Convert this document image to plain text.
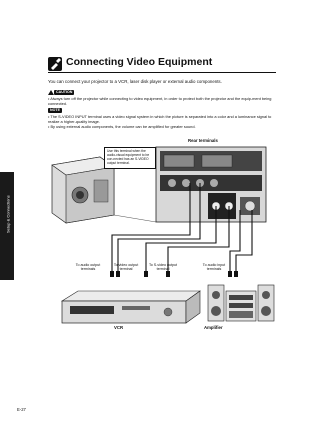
Setup & Connections
Connecting Video Equipment
You can connect your projector to a VCR, laser disk player or external audio components.
CAUTION
• Always turn off the projector while connecting to video equipment, in order to protect both the projector and the equip-ment being connected.
NOTE
• The S-VIDEO INPUT terminal uses a video signal system in which the picture is separated into a color and a luminance signal to realize a higher-quality image.
• By using external audio components, the volume can be amplified for greater sound.
Use this terminal when the audio-visual equipment to be con-nected has an S-VIDEO output terminal.
Rear terminals
To audio output terminals
To video output terminal
To S-video output terminal
To audio input terminals
VCR	Amplifier
E-27
